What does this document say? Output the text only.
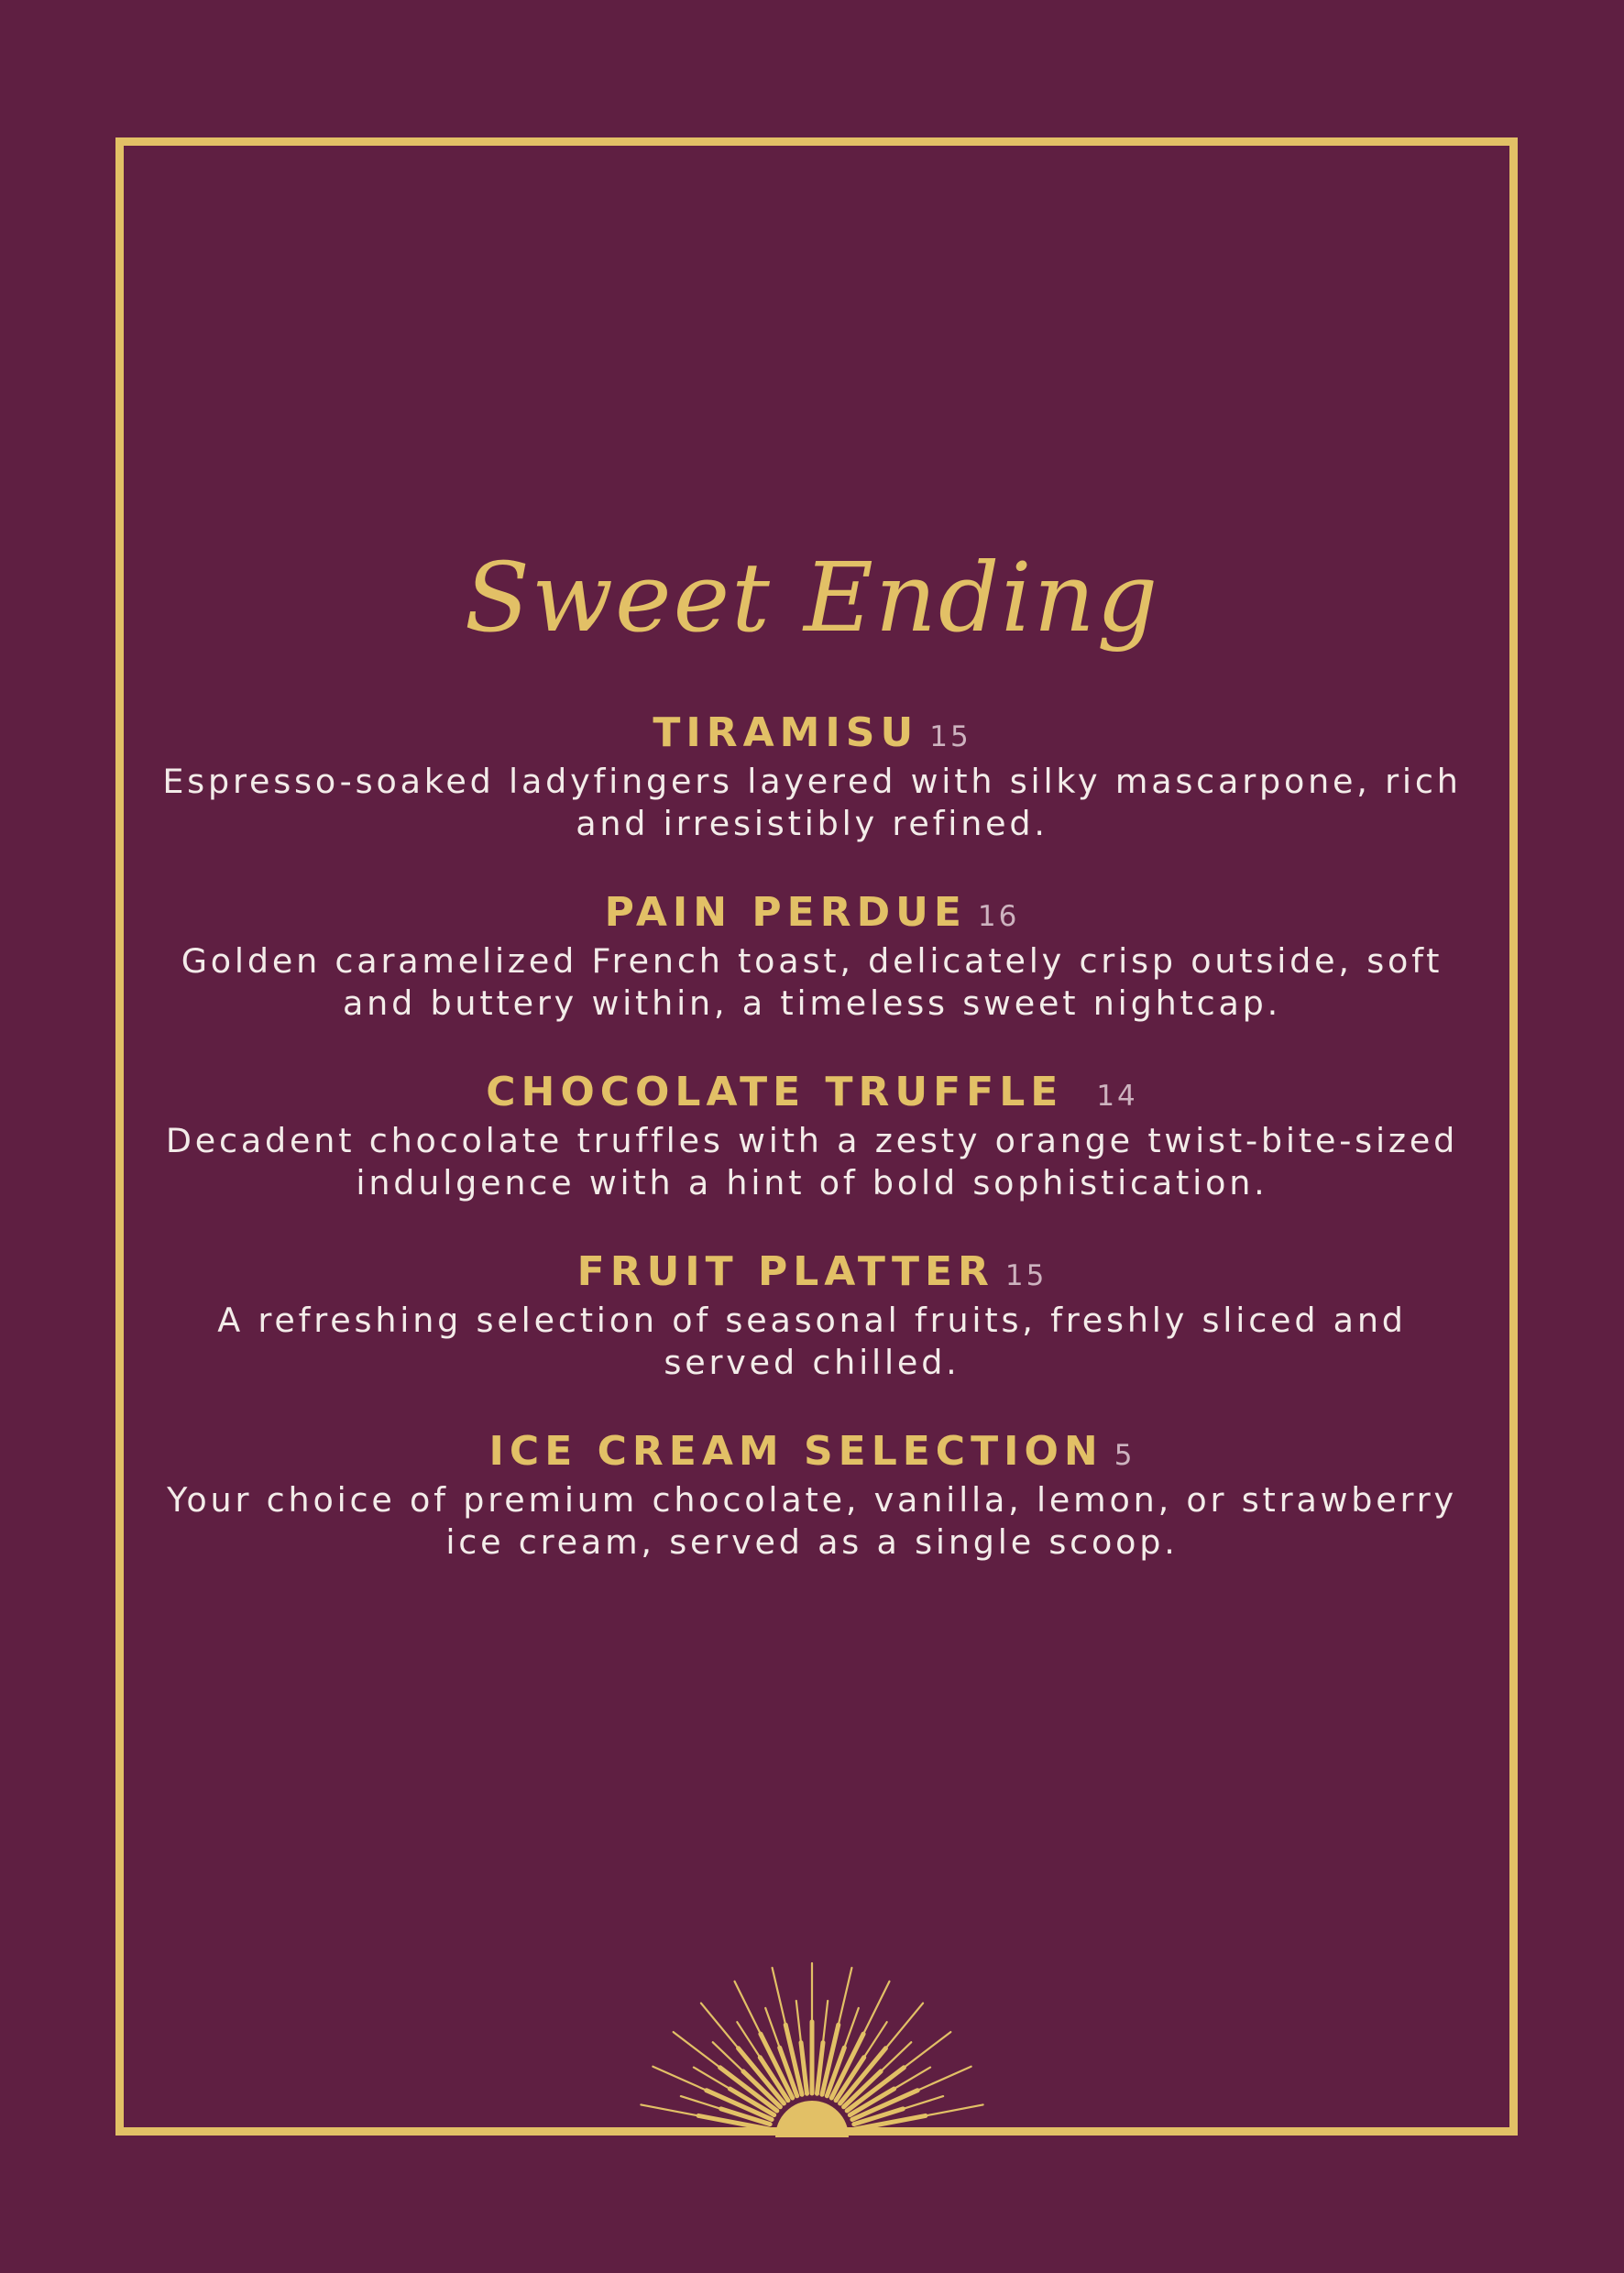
Sweet Ending
TIRAMISU 15
Espresso-soaked ladyfingers layered with silky mascarpone, rich and irresistibly refined.
PAIN PERDUE 16
Golden caramelized French toast, delicately crisp outside, soft and buttery within, a timeless sweet nightcap.
CHOCOLATE TRUFFLE 14
Decadent chocolate truffles with a zesty orange twist-bite-sized indulgence with a hint of bold sophistication.
FRUIT PLATTER 15
A refreshing selection of seasonal fruits, freshly sliced and served chilled.
ICE CREAM SELECTION 5
Your choice of premium chocolate, vanilla, lemon, or strawberry ice cream, served as a single scoop.
